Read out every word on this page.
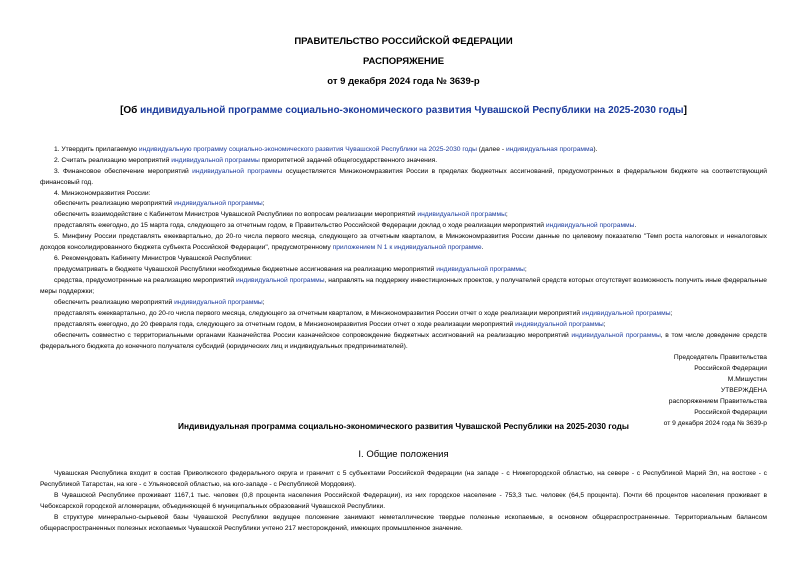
ПРАВИТЕЛЬСТВО РОССИЙСКОЙ ФЕДЕРАЦИИ
РАСПОРЯЖЕНИЕ
от 9 декабря 2024 года № 3639-р
[Об индивидуальной программе социально-экономического развития Чувашской Республики на 2025-2030 годы]
1. Утвердить прилагаемую индивидуальную программу социально-экономического развития Чувашской Республики на 2025-2030 годы (далее - индивидуальная программа).
2. Считать реализацию мероприятий индивидуальной программы приоритетной задачей общегосударственного значения.
3. Финансовое обеспечение мероприятий индивидуальной программы осуществляется Минэкономразвития России в пределах бюджетных ассигнований, предусмотренных в федеральном бюджете на соответствующий финансовый год.
4. Минэкономразвития России:
обеспечить реализацию мероприятий индивидуальной программы;
обеспечить взаимодействие с Кабинетом Министров Чувашской Республики по вопросам реализации мероприятий индивидуальной программы;
представлять ежегодно, до 15 марта года, следующего за отчетным годом, в Правительство Российской Федерации доклад о ходе реализации мероприятий индивидуальной программы.
5. Минфину России представлять ежеквартально, до 20-го числа первого месяца, следующего за отчетным кварталом, в Минэкономразвития России данные по целевому показателю "Темп роста налоговых и неналоговых доходов консолидированного бюджета субъекта Российской Федерации", предусмотренному приложением N 1 к индивидуальной программе.
6. Рекомендовать Кабинету Министров Чувашской Республики:
предусматривать в бюджете Чувашской Республики необходимые бюджетные ассигнования на реализацию мероприятий индивидуальной программы;
средства, предусмотренные на реализацию мероприятий индивидуальной программы, направлять на поддержку инвестиционных проектов, у получателей средств которых отсутствует возможность получить иные федеральные меры поддержки;
обеспечить реализацию мероприятий индивидуальной программы;
представлять ежеквартально, до 20-го числа первого месяца, следующего за отчетным кварталом, в Минэкономразвития России отчет о ходе реализации мероприятий индивидуальной программы;
представлять ежегодно, до 20 февраля года, следующего за отчетным годом, в Минэкономразвития России отчет о ходе реализации мероприятий индивидуальной программы;
обеспечить совместно с территориальными органами Казначейства России казначейское сопровождение бюджетных ассигнований на реализацию мероприятий индивидуальной программы, в том числе доведение средств федерального бюджета до конечного получателя субсидий (юридических лиц и индивидуальных предпринимателей).
Председатель Правительства
Российской Федерации
М.Мишустин
УТВЕРЖДЕНА
распоряжением Правительства
Российской Федерации
от 9 декабря 2024 года № 3639-р
Индивидуальная программа социально-экономического развития Чувашской Республики на 2025-2030 годы
I. Общие положения
Чувашская Республика входит в состав Приволжского федерального округа и граничит с 5 субъектами Российской Федерации (на западе - с Нижегородской областью, на севере - с Республикой Марий Эл, на востоке - с Республикой Татарстан, на юге - с Ульяновской областью, на юго-западе - с Республикой Мордовия).
В Чувашской Республике проживает 1167,1 тыс. человек (0,8 процента населения Российской Федерации), из них городское население - 753,3 тыс. человек (64,5 процента). Почти 66 процентов населения проживает в Чебоксарской городской агломерации, объединяющей 6 муниципальных образований Чувашской Республики.
В структуре минерально-сырьевой базы Чувашской Республики ведущее положение занимают неметаллические твердые полезные ископаемые, в основном общераспространенные. Территориальным балансом общераспространенных полезных ископаемых Чувашской Республики учтено 217 месторождений, имеющих промышленное значение.
